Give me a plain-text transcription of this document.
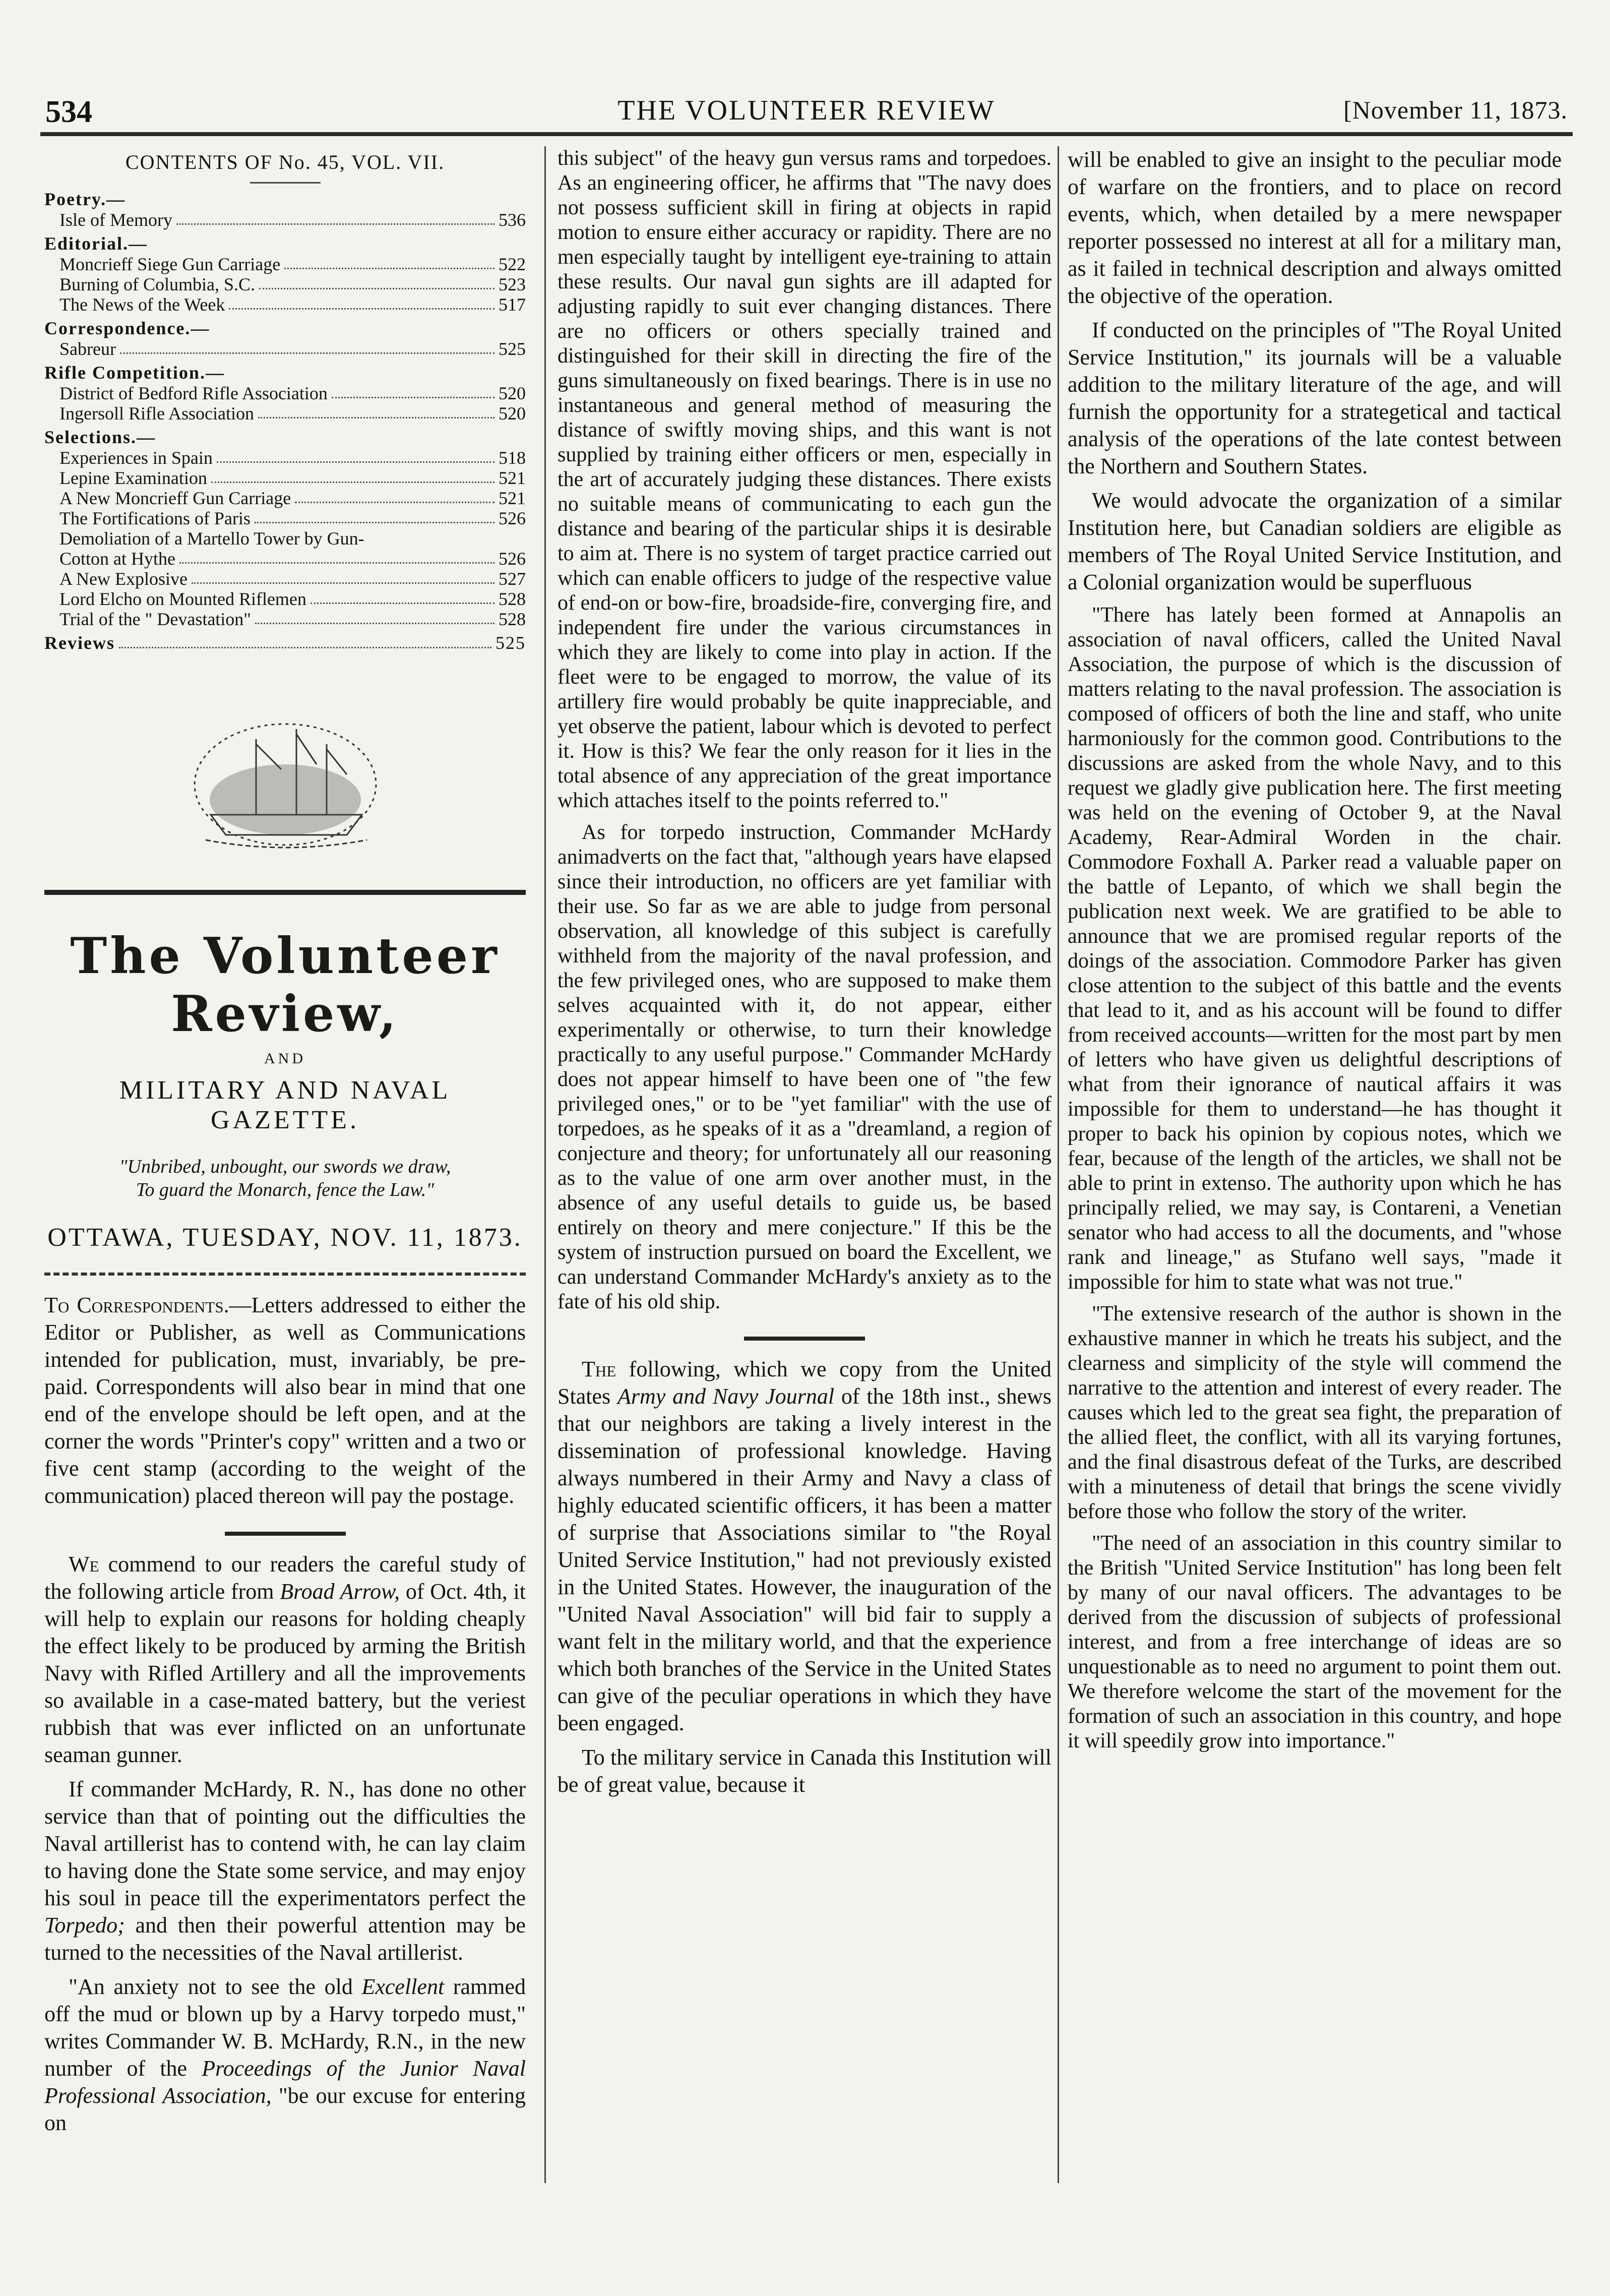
534	THE VOLUNTEER REVIEW	[November 11, 1873.
CONTENTS OF No. 45, VOL. VII.
Poetry.—
Isle of Memory	536
Editorial.—
Moncrieff Siege Gun Carriage	522
Burning of Columbia, S.C.	523
The News of the Week	517
Correspondence.—
Sabreur	525
Rifle Competition.—
District of Bedford Rifle Association	520
Ingersoll Rifle Association	520
Selections.—
Experiences in Spain	518
Lepine Examination	521
A New Moncrieff Gun Carriage	521
The Fortifications of Paris	526
Demoliation of a Martello Tower by Gun-
Cotton at Hythe	526
A New Explosive	527
Lord Elcho on Mounted Riflemen	528
Trial of the " Devastation"	528
Reviews	525
The Volunteer Review,
AND
MILITARY AND NAVAL GAZETTE.
"Unbribed, unbought, our swords we draw,
To guard the Monarch, fence the Law."
OTTAWA, TUESDAY, NOV. 11, 1873.

To Correspondents.—Letters addressed to either the Editor or Publisher, as well as Communications intended for publication, must, invariably, be pre-paid. Correspondents will also bear in mind that one end of the envelope should be left open, and at the corner the words "Printer's copy" written and a two or five cent stamp (according to the weight of the communication) placed thereon will pay the postage.

We commend to our readers the careful study of the following article from Broad Arrow, of Oct. 4th, it will help to explain our reasons for holding cheaply the effect likely to be produced by arming the British Navy with Rifled Artillery and all the improvements so available in a case-mated battery, but the veriest rubbish that was ever inflicted on an unfortunate seaman gunner.

If commander McHardy, R. N., has done no other service than that of pointing out the difficulties the Naval artillerist has to contend with, he can lay claim to having done the State some service, and may enjoy his soul in peace till the experimentators perfect the Torpedo; and then their powerful attention may be turned to the necessities of the Naval artillerist.

"An anxiety not to see the old Excellent rammed off the mud or blown up by a Harvy torpedo must," writes Commander W. B. McHardy, R.N., in the new number of the Proceedings of the Junior Naval Professional Association, "be our excuse for entering on

this subject" of the heavy gun versus rams and torpedoes. As an engineering officer, he affirms that "The navy does not possess sufficient skill in firing at objects in rapid motion to ensure either accuracy or rapidity. There are no men especially taught by intelligent eye-training to attain these results. Our naval gun sights are ill adapted for adjusting rapidly to suit ever changing distances. There are no officers or others specially trained and distinguished for their skill in directing the fire of the guns simultaneously on fixed bearings. There is in use no instantaneous and general method of measuring the distance of swiftly moving ships, and this want is not supplied by training either officers or men, especially in the art of accurately judging these distances. There exists no suitable means of communicating to each gun the distance and bearing of the particular ships it is desirable to aim at. There is no system of target practice carried out which can enable officers to judge of the respective value of end-on or bow-fire, broadside-fire, converging fire, and independent fire under the various circumstances in which they are likely to come into play in action. If the fleet were to be engaged to morrow, the value of its artillery fire would probably be quite inappreciable, and yet observe the patient, labour which is devoted to perfect it. How is this? We fear the only reason for it lies in the total absence of any appreciation of the great importance which attaches itself to the points referred to."

As for torpedo instruction, Commander McHardy animadverts on the fact that, "although years have elapsed since their introduction, no officers are yet familiar with their use. So far as we are able to judge from personal observation, all knowledge of this subject is carefully withheld from the majority of the naval profession, and the few privileged ones, who are supposed to make them selves acquainted with it, do not appear, either experimentally or otherwise, to turn their knowledge practically to any useful purpose." Commander McHardy does not appear himself to have been one of "the few privileged ones," or to be "yet familiar" with the use of torpedoes, as he speaks of it as a "dreamland, a region of conjecture and theory; for unfortunately all our reasoning as to the value of one arm over another must, in the absence of any useful details to guide us, be based entirely on theory and mere conjecture." If this be the system of instruction pursued on board the Excellent, we can understand Commander McHardy's anxiety as to the fate of his old ship.

The following, which we copy from the United States Army and Navy Journal of the 18th inst., shews that our neighbors are taking a lively interest in the dissemination of professional knowledge. Having always numbered in their Army and Navy a class of highly educated scientific officers, it has been a matter of surprise that Associations similar to "the Royal United Service Institution," had not previously existed in the United States. However, the inauguration of the "United Naval Association" will bid fair to supply a want felt in the military world, and that the experience which both branches of the Service in the United States can give of the peculiar operations in which they have been engaged.

To the military service in Canada this Institution will be of great value, because it

will be enabled to give an insight to the peculiar mode of warfare on the frontiers, and to place on record events, which, when detailed by a mere newspaper reporter possessed no interest at all for a military man, as it failed in technical description and always omitted the objective of the operation.

If conducted on the principles of "The Royal United Service Institution," its journals will be a valuable addition to the military literature of the age, and will furnish the opportunity for a strategetical and tactical analysis of the operations of the late contest between the Northern and Southern States.

We would advocate the organization of a similar Institution here, but Canadian soldiers are eligible as members of The Royal United Service Institution, and a Colonial organization would be superfluous

"There has lately been formed at Annapolis an association of naval officers, called the United Naval Association, the purpose of which is the discussion of matters relating to the naval profession. The association is composed of officers of both the line and staff, who unite harmoniously for the common good. Contributions to the discussions are asked from the whole Navy, and to this request we gladly give publication here. The first meeting was held on the evening of October 9, at the Naval Academy, Rear-Admiral Worden in the chair. Commodore Foxhall A. Parker read a valuable paper on the battle of Lepanto, of which we shall begin the publication next week. We are gratified to be able to announce that we are promised regular reports of the doings of the association. Commodore Parker has given close attention to the subject of this battle and the events that lead to it, and as his account will be found to differ from received accounts—written for the most part by men of letters who have given us delightful descriptions of what from their ignorance of nautical affairs it was impossible for them to understand—he has thought it proper to back his opinion by copious notes, which we fear, because of the length of the articles, we shall not be able to print in extenso. The authority upon which he has principally relied, we may say, is Contareni, a Venetian senator who had access to all the documents, and "whose rank and lineage," as Stufano well says, "made it impossible for him to state what was not true."

"The extensive research of the author is shown in the exhaustive manner in which he treats his subject, and the clearness and simplicity of the style will commend the narrative to the attention and interest of every reader. The causes which led to the great sea fight, the preparation of the allied fleet, the conflict, with all its varying fortunes, and the final disastrous defeat of the Turks, are described with a minuteness of detail that brings the scene vividly before those who follow the story of the writer.

"The need of an association in this country similar to the British "United Service Institution" has long been felt by many of our naval officers. The advantages to be derived from the discussion of subjects of professional interest, and from a free interchange of ideas are so unquestionable as to need no argument to point them out. We therefore welcome the start of the movement for the formation of such an association in this country, and hope it will speedily grow into importance."
